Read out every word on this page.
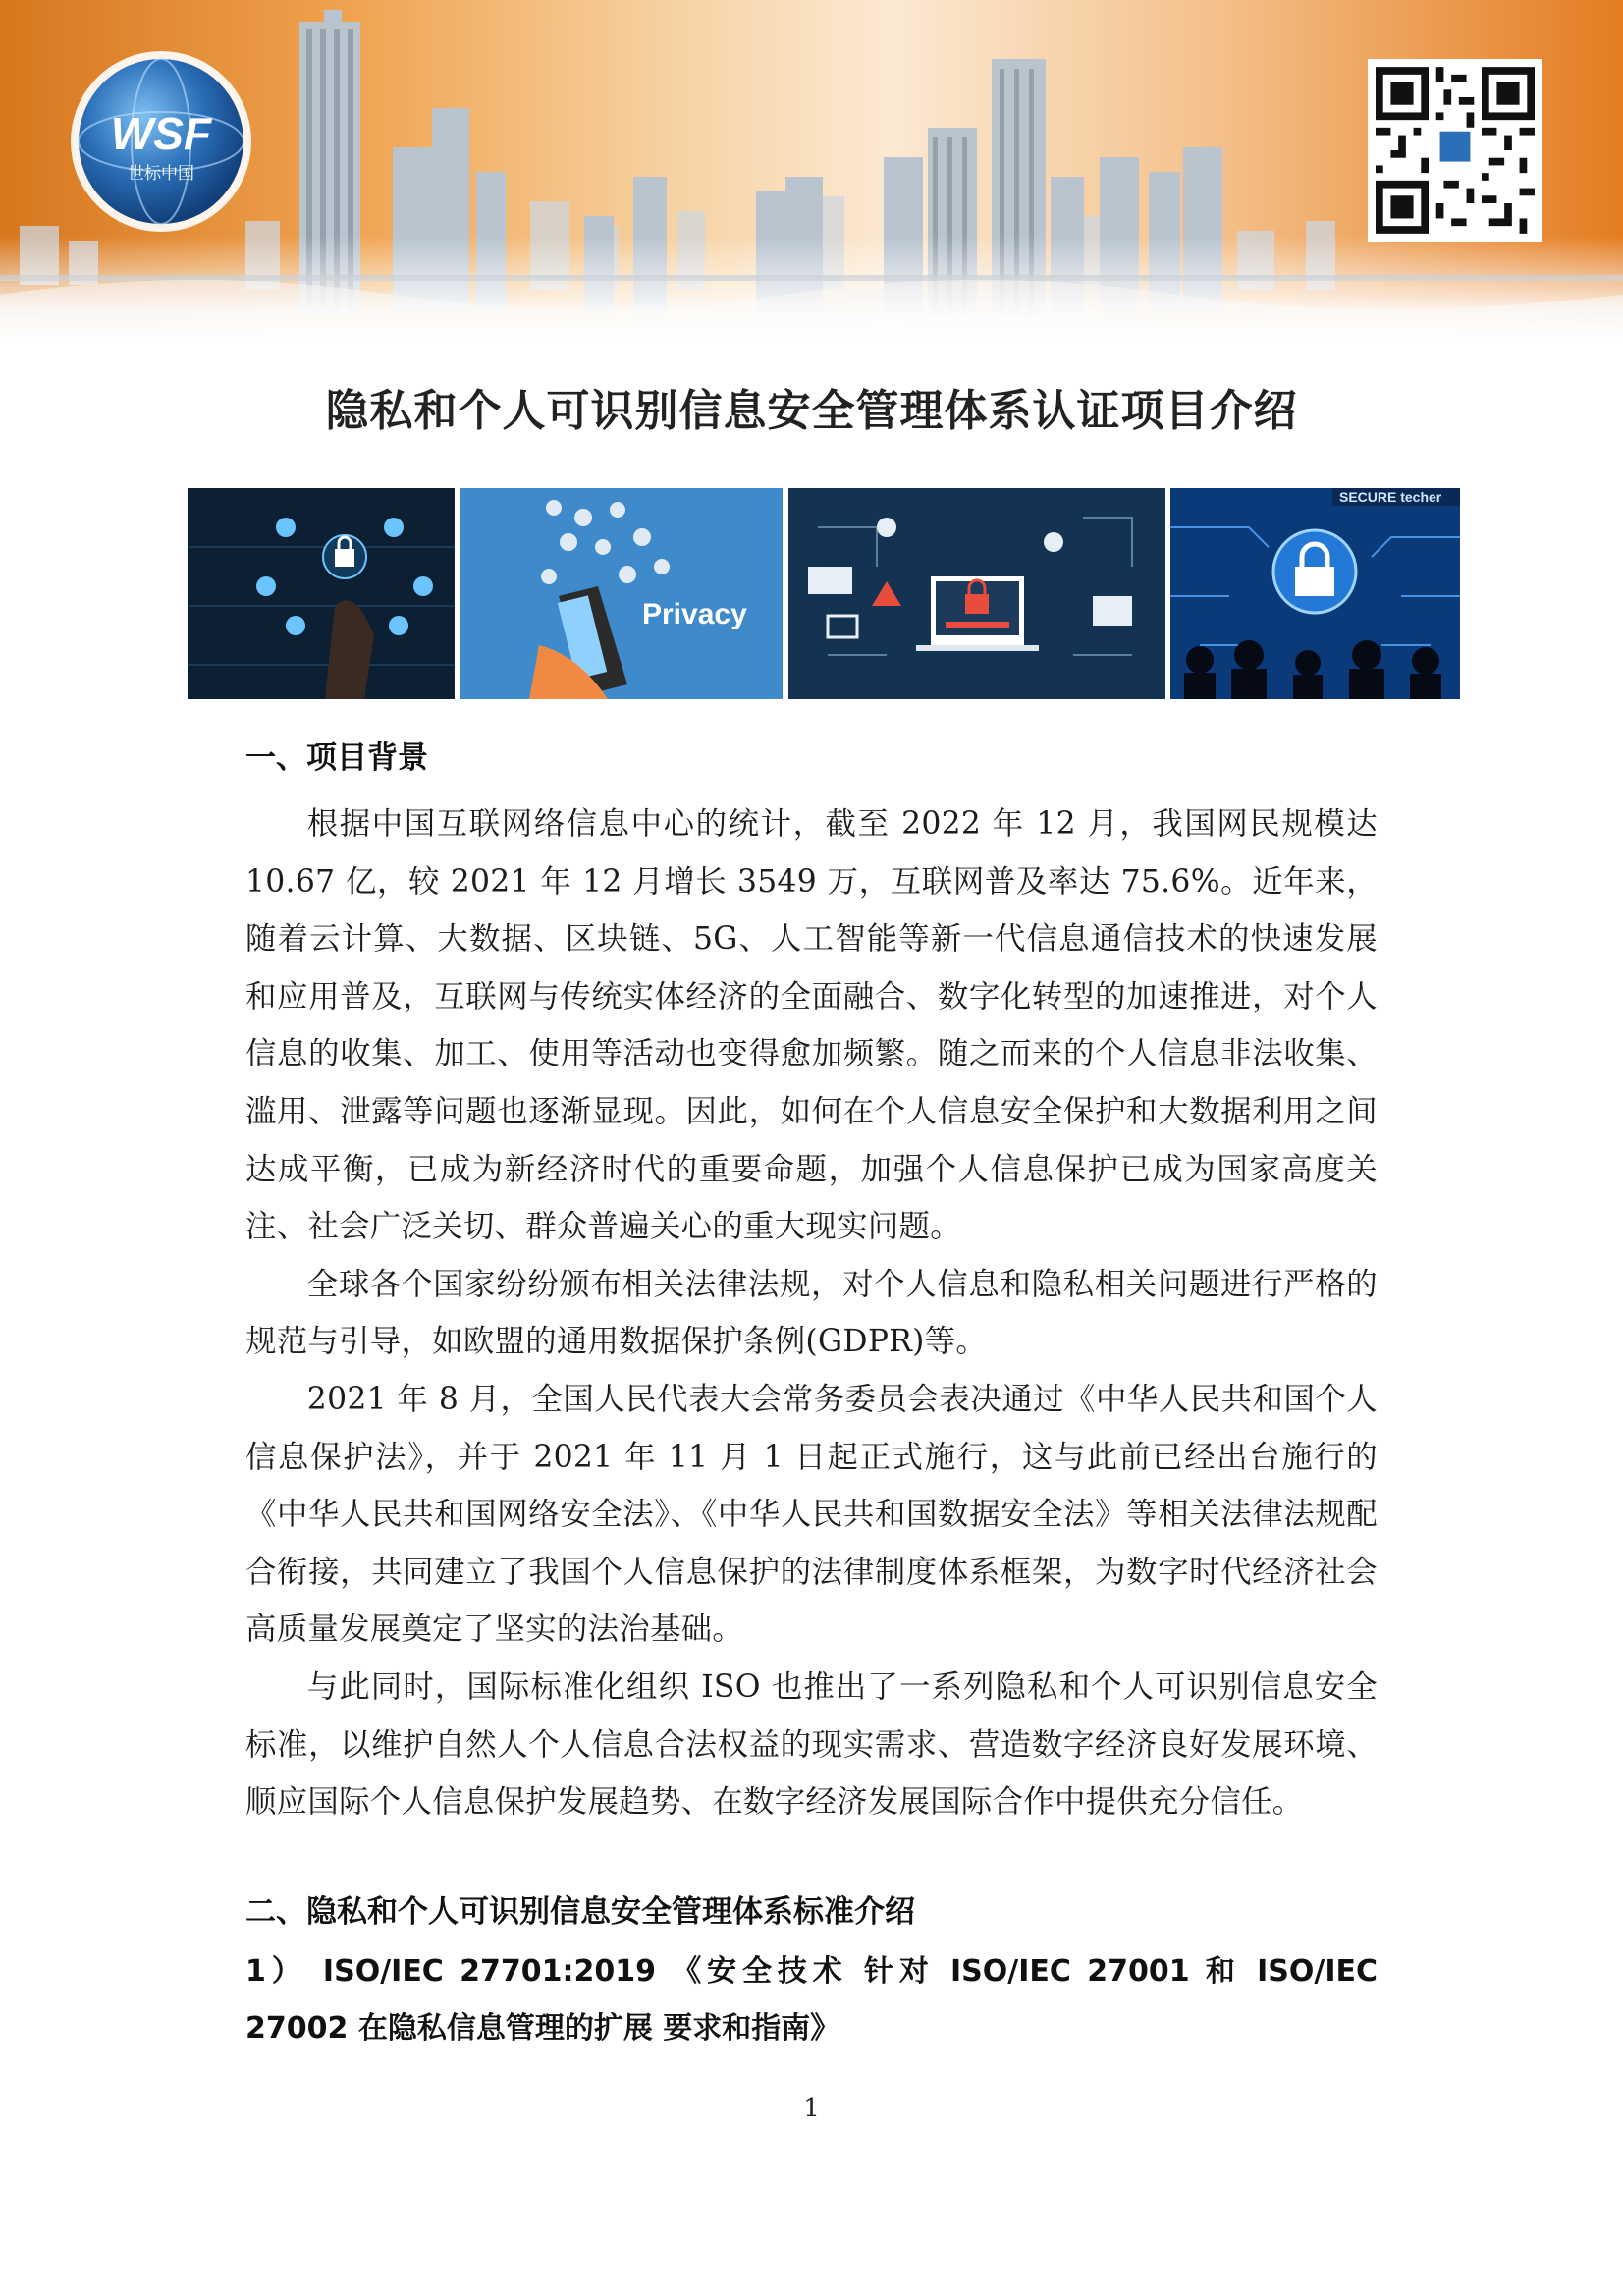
WSF
世标中国
隐私和个人可识别信息安全管理体系认证项目介绍
Privacy
SECURE techer
一、项目背景

根据中国互联网络信息中心的统计，截至 2022 年 12 月，我国网民规模达 10.67 亿，较 2021 年 12 月增长 3549 万，互联网普及率达 75.6%。近年来，随着云计算、大数据、区块链、5G、人工智能等新一代信息通信技术的快速发展和应用普及，互联网与传统实体经济的全面融合、数字化转型的加速推进，对个人信息的收集、加工、使用等活动也变得愈加频繁。随之而来的个人信息非法收集、滥用、泄露等问题也逐渐显现。因此，如何在个人信息安全保护和大数据利用之间达成平衡，已成为新经济时代的重要命题，加强个人信息保护已成为国家高度关注、社会广泛关切、群众普遍关心的重大现实问题。

全球各个国家纷纷颁布相关法律法规，对个人信息和隐私相关问题进行严格的规范与引导，如欧盟的通用数据保护条例(GDPR)等。

2021 年 8 月，全国人民代表大会常务委员会表决通过《中华人民共和国个人信息保护法》，并于 2021 年 11 月 1 日起正式施行，这与此前已经出台施行的《中华人民共和国网络安全法》、《中华人民共和国数据安全法》等相关法律法规配合衔接，共同建立了我国个人信息保护的法律制度体系框架，为数字时代经济社会高质量发展奠定了坚实的法治基础。

与此同时，国际标准化组织 ISO 也推出了一系列隐私和个人可识别信息安全标准，以维护自然人个人信息合法权益的现实需求、营造数字经济良好发展环境、顺应国际个人信息保护发展趋势、在数字经济发展国际合作中提供充分信任。

二、隐私和个人可识别信息安全管理体系标准介绍
1） ISO/IEC 27701:2019 《安全技术 针对 ISO/IEC 27001 和 ISO/IEC 27002 在隐私信息管理的扩展 要求和指南》
1
